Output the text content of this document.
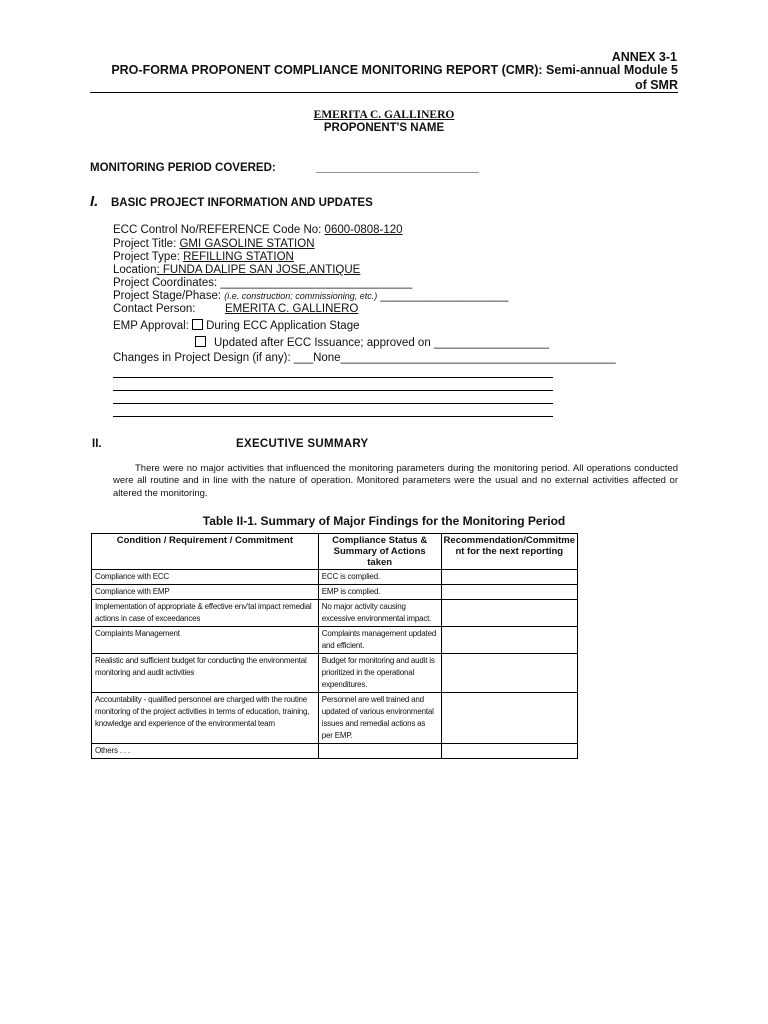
ANNEX 3-1
PRO-FORMA PROPONENT COMPLIANCE MONITORING REPORT (CMR): Semi-annual Module 5
of SMR
EMERITA C. GALLINERO
PROPONENT'S NAME
MONITORING PERIOD COVERED:	______________________________
I. BASIC PROJECT INFORMATION AND UPDATES
ECC Control No/REFERENCE Code No: 0600-0808-120
Project Title: GMI GASOLINE STATION
Project Type: REFILLING STATION
Location: FUNDA DALIPE SAN JOSE,ANTIQUE
Project Coordinates: ______________________________
Project Stage/Phase: (i.e. construction; commissioning, etc.) ____________________
Contact Person:	EMERITA C. GALLINERO
EMP Approval: During ECC Application Stage
Updated after ECC Issuance; approved on __________________
Changes in Project Design (if any): ___None___________________________________________
II.	EXECUTIVE SUMMARY
There were no major activities that influenced the monitoring parameters during the monitoring period. All operations conducted were all routine and in line with the nature of operation. Monitored parameters were the usual and no external activities affected or altered the monitoring.
Table II-1. Summary of Major Findings for the Monitoring Period
Condition / Requirement / Commitment	Compliance Status & Summary of Actions taken	Recommendation/Commitme nt for the next reporting
Compliance with ECC	ECC is complied.	
Compliance with EMP	EMP is complied.	
Implementation of appropriate & effective env'tal impact remedial actions in case of exceedances	No major activity causing excessive environmental impact.	
Complaints Management	Complaints management updated and efficient.	
Realistic and sufficient budget for conducting the environmental monitoring and audit activities	Budget for monitoring and audit is prioritized in the operational expenditures.	
Accountability - qualified personnel are charged with the routine monitoring of the project activities in terms of education, training, knowledge and experience of the environmental team	Personnel are well trained and updated of various environmental issues and remedial actions as per EMP.	
Others . . .		
